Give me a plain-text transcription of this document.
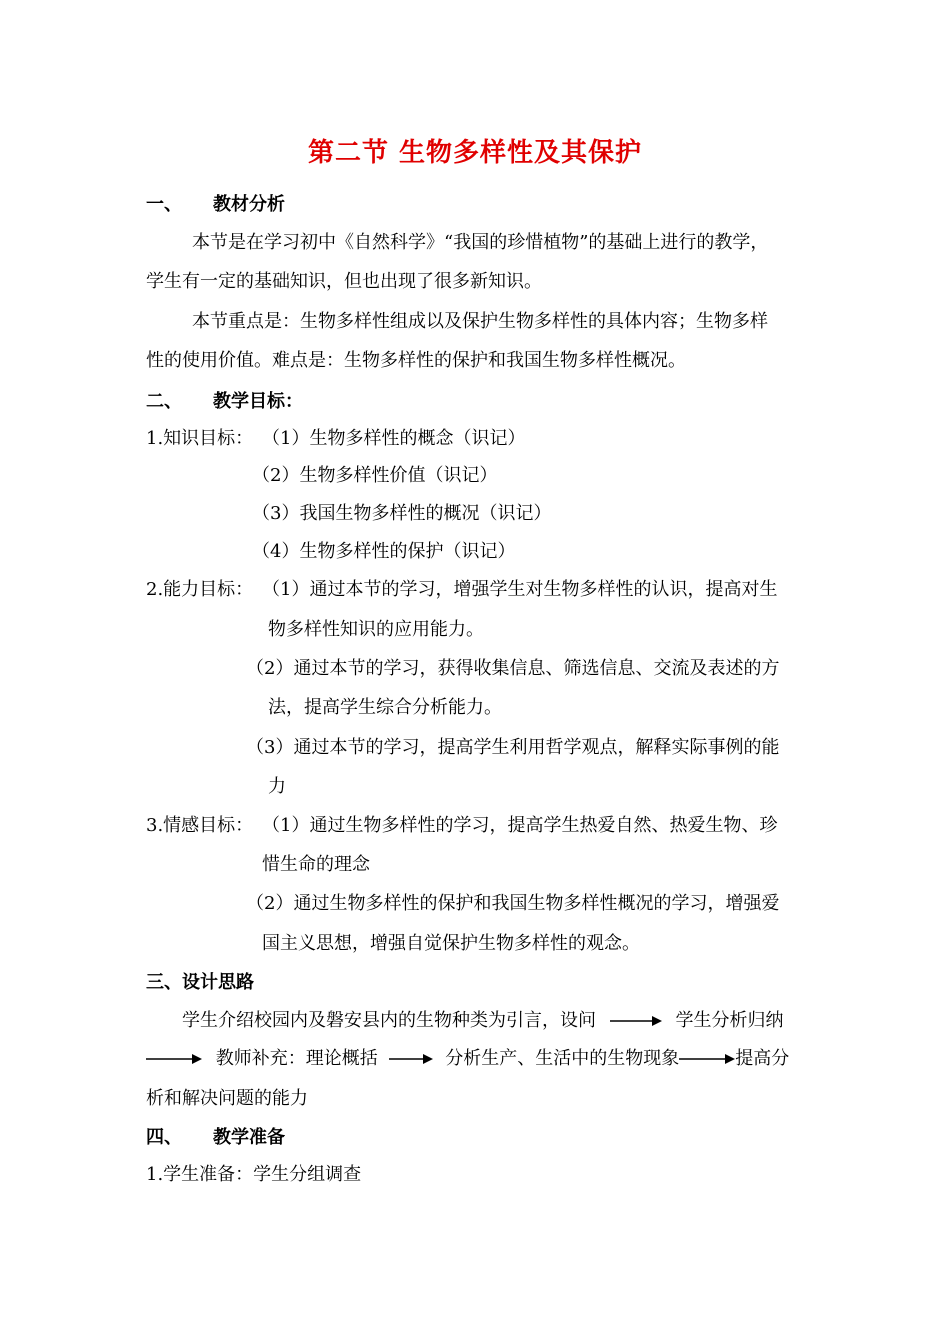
第二节 生物多样性及其保护
一、 教材分析
本节是在学习初中《自然科学》“我国的珍惜植物”的基础上进行的教学，
学生有一定的基础知识，但也出现了很多新知识。
本节重点是：生物多样性组成以及保护生物多样性的具体内容；生物多样
性的使用价值。难点是：生物多样性的保护和我国生物多样性概况。
二、 教学目标：
1.知识目标： （1）生物多样性的概念（识记）
（2）生物多样性价值（识记）
（3）我国生物多样性的概况（识记）
（4）生物多样性的保护（识记）
2.能力目标： （1）通过本节的学习，增强学生对生物多样性的认识，提高对生
物多样性知识的应用能力。
（2）通过本节的学习，获得收集信息、筛选信息、交流及表述的方
法，提高学生综合分析能力。
（3）通过本节的学习，提高学生利用哲学观点，解释实际事例的能
力
3.情感目标： （1）通过生物多样性的学习，提高学生热爱自然、热爱生物、珍
惜生命的理念
（2）通过生物多样性的保护和我国生物多样性概况的学习，增强爱
国主义思想，增强自觉保护生物多样性的观念。
三、设计思路
学生介绍校园内及磐安县内的生物种类为引言，设问	学生分析归纳
教师补充：理论概括	分析生产、生活中的生物现象	提高分
析和解决问题的能力
四、 教学准备
1.学生准备：学生分组调查
